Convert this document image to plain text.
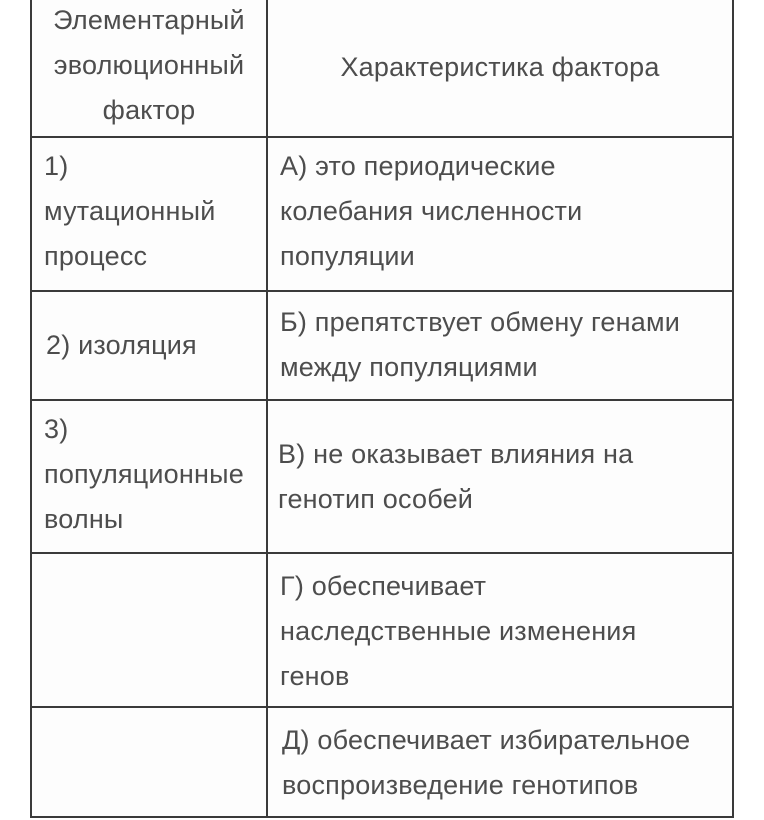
Элементарный
эволюционный
фактор
Характеристика фактора
1)
мутационный
процесс
А) это периодические
колебания численности
популяции
2) изоляция
Б) препятствует обмену генами
между популяциями
3)
популяционные
волны
В) не оказывает влияния на
генотип особей
Г) обеспечивает
наследственные изменения
генов
Д) обеспечивает избирательное
воспроизведение генотипов
